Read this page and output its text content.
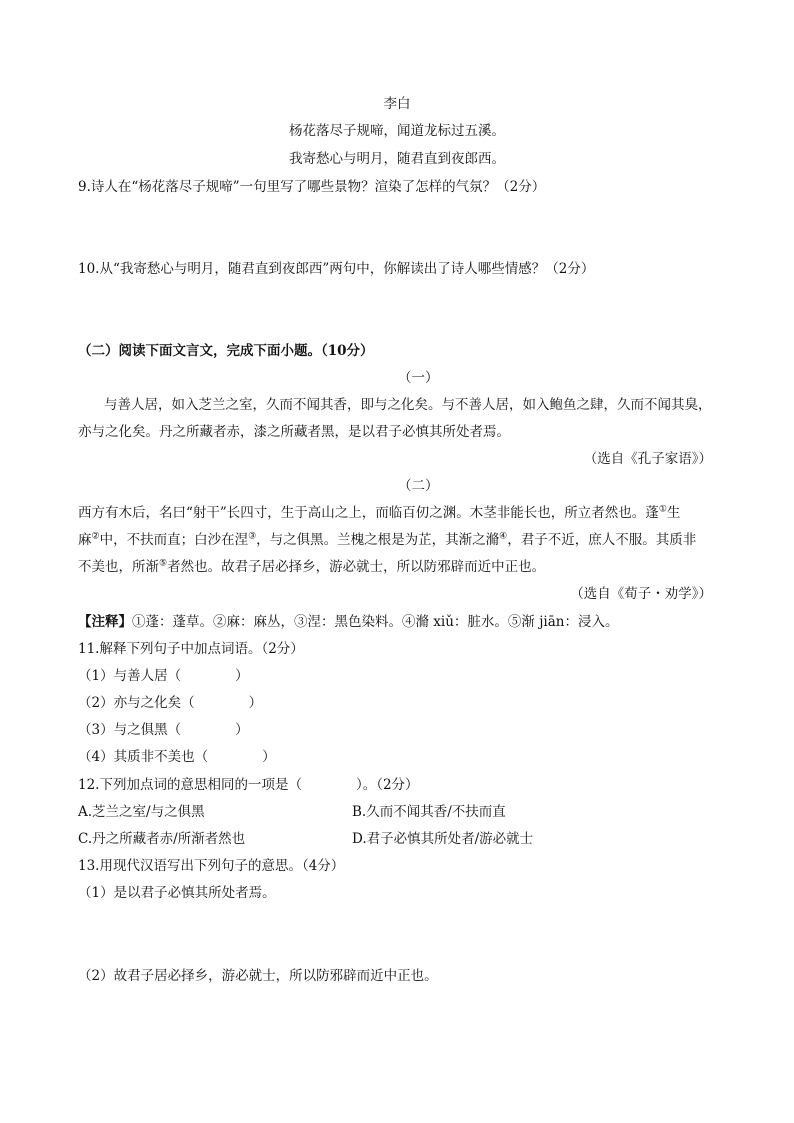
李白
杨花落尽子规啼，闻道龙标过五溪。
我寄愁心与明月，随君直到夜郎西。
9.诗人在“杨花落尽子规啼”一句里写了哪些景物？渲染了怎样的气氛？（2分）
10.从“我寄愁心与明月，随君直到夜郎西”两句中，你解读出了诗人哪些情感？（2分）
（二）阅读下面文言文，完成下面小题。（10分）
（一）
与善人居，如入芝兰之室，久而不闻其香，即与之化矣。与不善人居，如入鲍鱼之肆，久而不闻其臭，
亦与之化矣。丹之所藏者赤，漆之所藏者黑，是以君子必慎其所处者焉。
（选自《孔子家语》）
（二）
西方有木后，名曰“射干”长四寸，生于高山之上，而临百仞之渊。木茎非能长也，所立者然也。蓬①生
麻②中，不扶而直；白沙在涅③，与之俱黑。兰槐之根是为芷，其渐之滫④，君子不近，庶人不服。其质非
不美也，所渐⑤者然也。故君子居必择乡，游必就士，所以防邪辟而近中正也。
（选自《荀子・劝学》）
【注释】①蓬：蓬草。②麻：麻丛，③涅：黑色染料。④滫 xiǔ：脏水。⑤渐 jiān：浸入。
11.解释下列句子中加点词语。（2分）
（1）与善人居（　　　　）
（2）亦与之化矣（　　　　）
（3）与之俱黑（　　　　）
（4）其质非不美也（　　　　）
12.下列加点词的意思相同的一项是（　　　　）。（2分）
A.芝兰之室/与之俱黑	B.久而不闻其香/不扶而直
C.丹之所藏者赤/所渐者然也	D.君子必慎其所处者/游必就士
13.用现代汉语写出下列句子的意思。（4分）
（1）是以君子必慎其所处者焉。
（2）故君子居必择乡，游必就士，所以防邪辟而近中正也。
